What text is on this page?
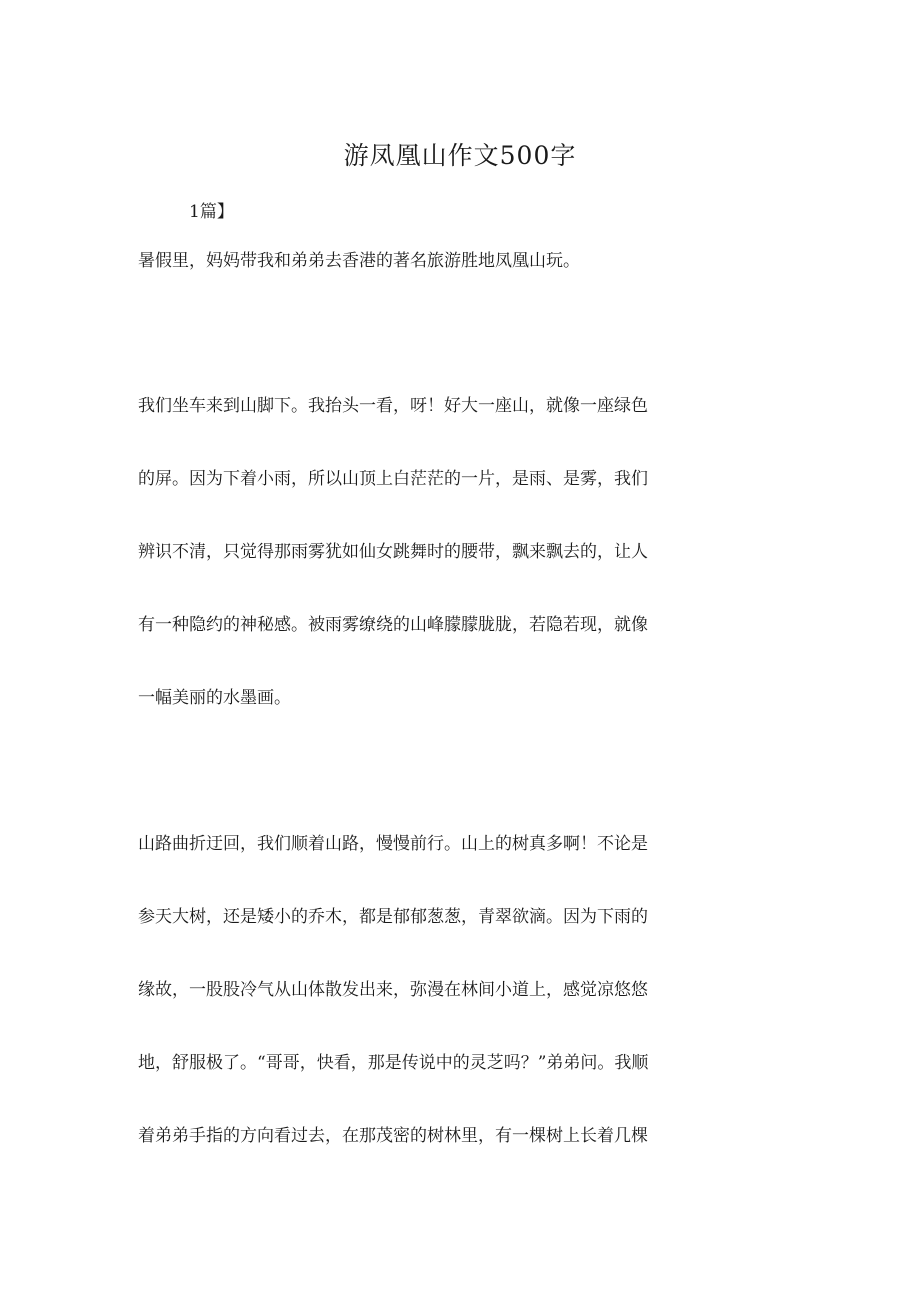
游凤凰山作文500字
1篇】
暑假里，妈妈带我和弟弟去香港的著名旅游胜地凤凰山玩。
我们坐车来到山脚下。我抬头一看，呀！好大一座山，就像一座绿色
的屏。因为下着小雨，所以山顶上白茫茫的一片，是雨、是雾，我们
辨识不清，只觉得那雨雾犹如仙女跳舞时的腰带，飘来飘去的，让人
有一种隐约的神秘感。被雨雾缭绕的山峰朦朦胧胧，若隐若现，就像
一幅美丽的水墨画。
山路曲折迂回，我们顺着山路，慢慢前行。山上的树真多啊！不论是
参天大树，还是矮小的乔木，都是郁郁葱葱，青翠欲滴。因为下雨的
缘故，一股股冷气从山体散发出来，弥漫在林间小道上，感觉凉悠悠
地，舒服极了。“哥哥，快看，那是传说中的灵芝吗？”弟弟问。我顺
着弟弟手指的方向看过去，在那茂密的树林里，有一棵树上长着几棵
